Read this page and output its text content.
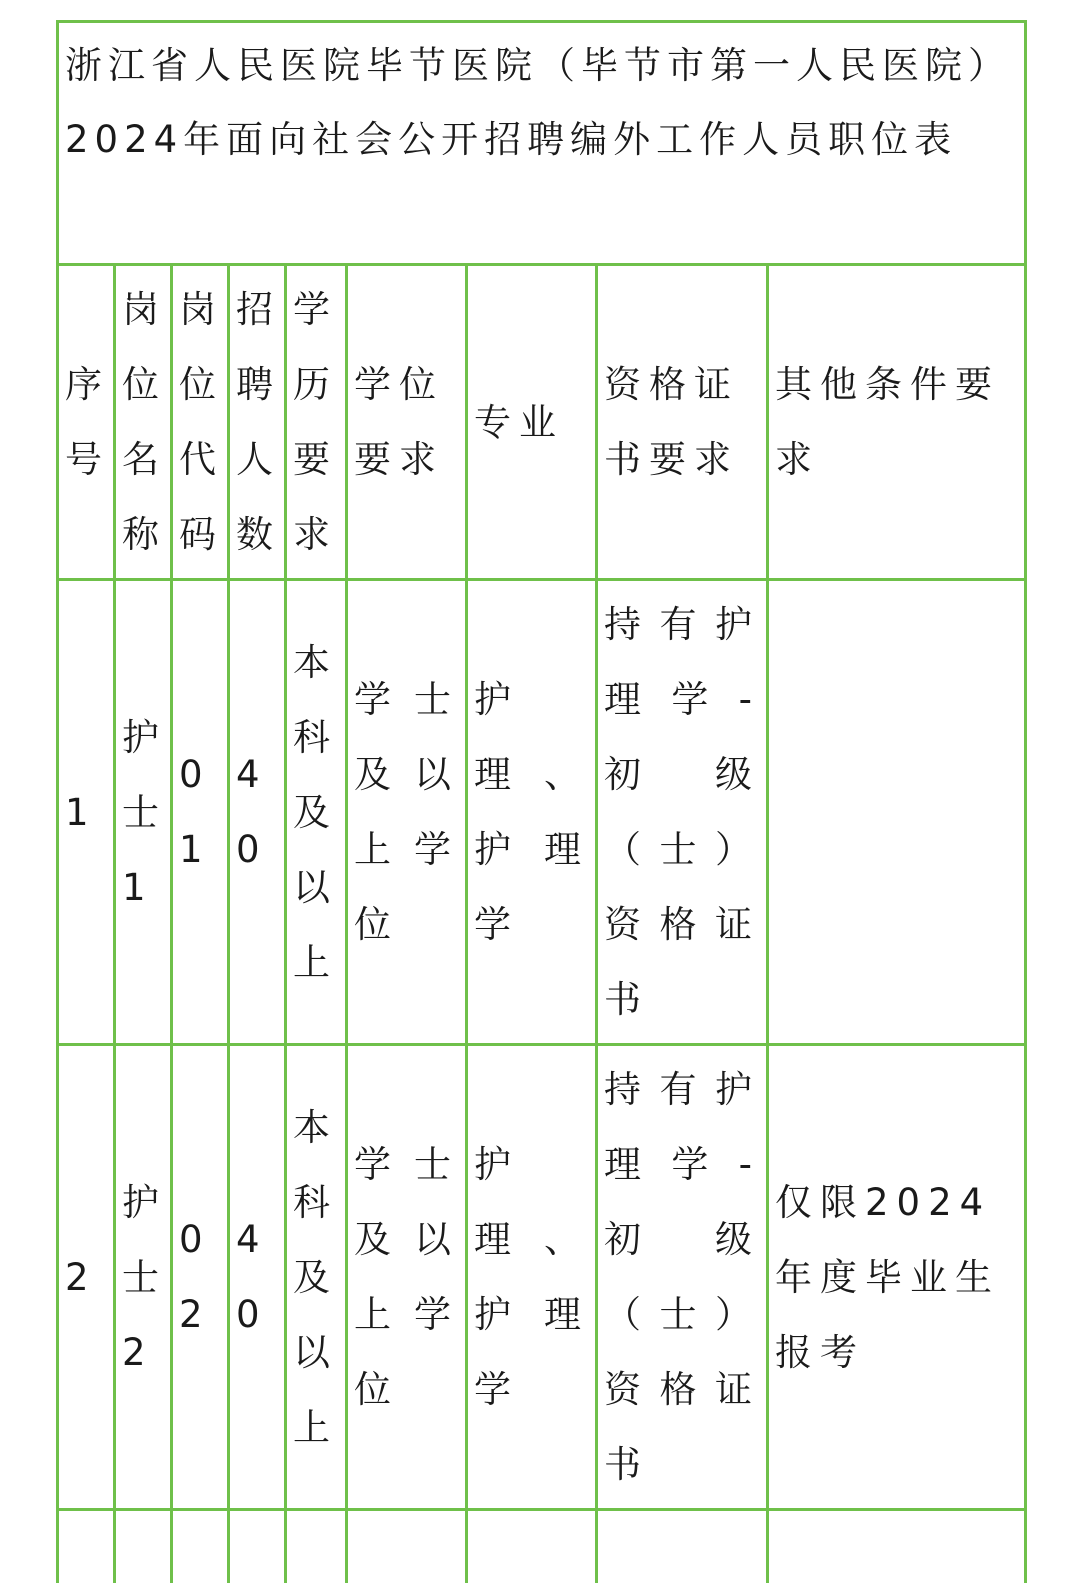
浙江省人民医院毕节医院（毕节市第一人民医院）2024年面向社会公开招聘编外工作人员职位表								
序号	岗位名称	岗位代码	招聘人数	学历要求	学位要求	专业	资格证书要求	其他条件要求
1	护士1	01	40	本科及以上	学士及以上学位	护理、护理学	持有护理学-初级（士）资格证书	
2	护士2	02	40	本科及以上	学士及以上学位	护理、护理学	持有护理学-初级（士）资格证书	仅限2024年度毕业生报考
